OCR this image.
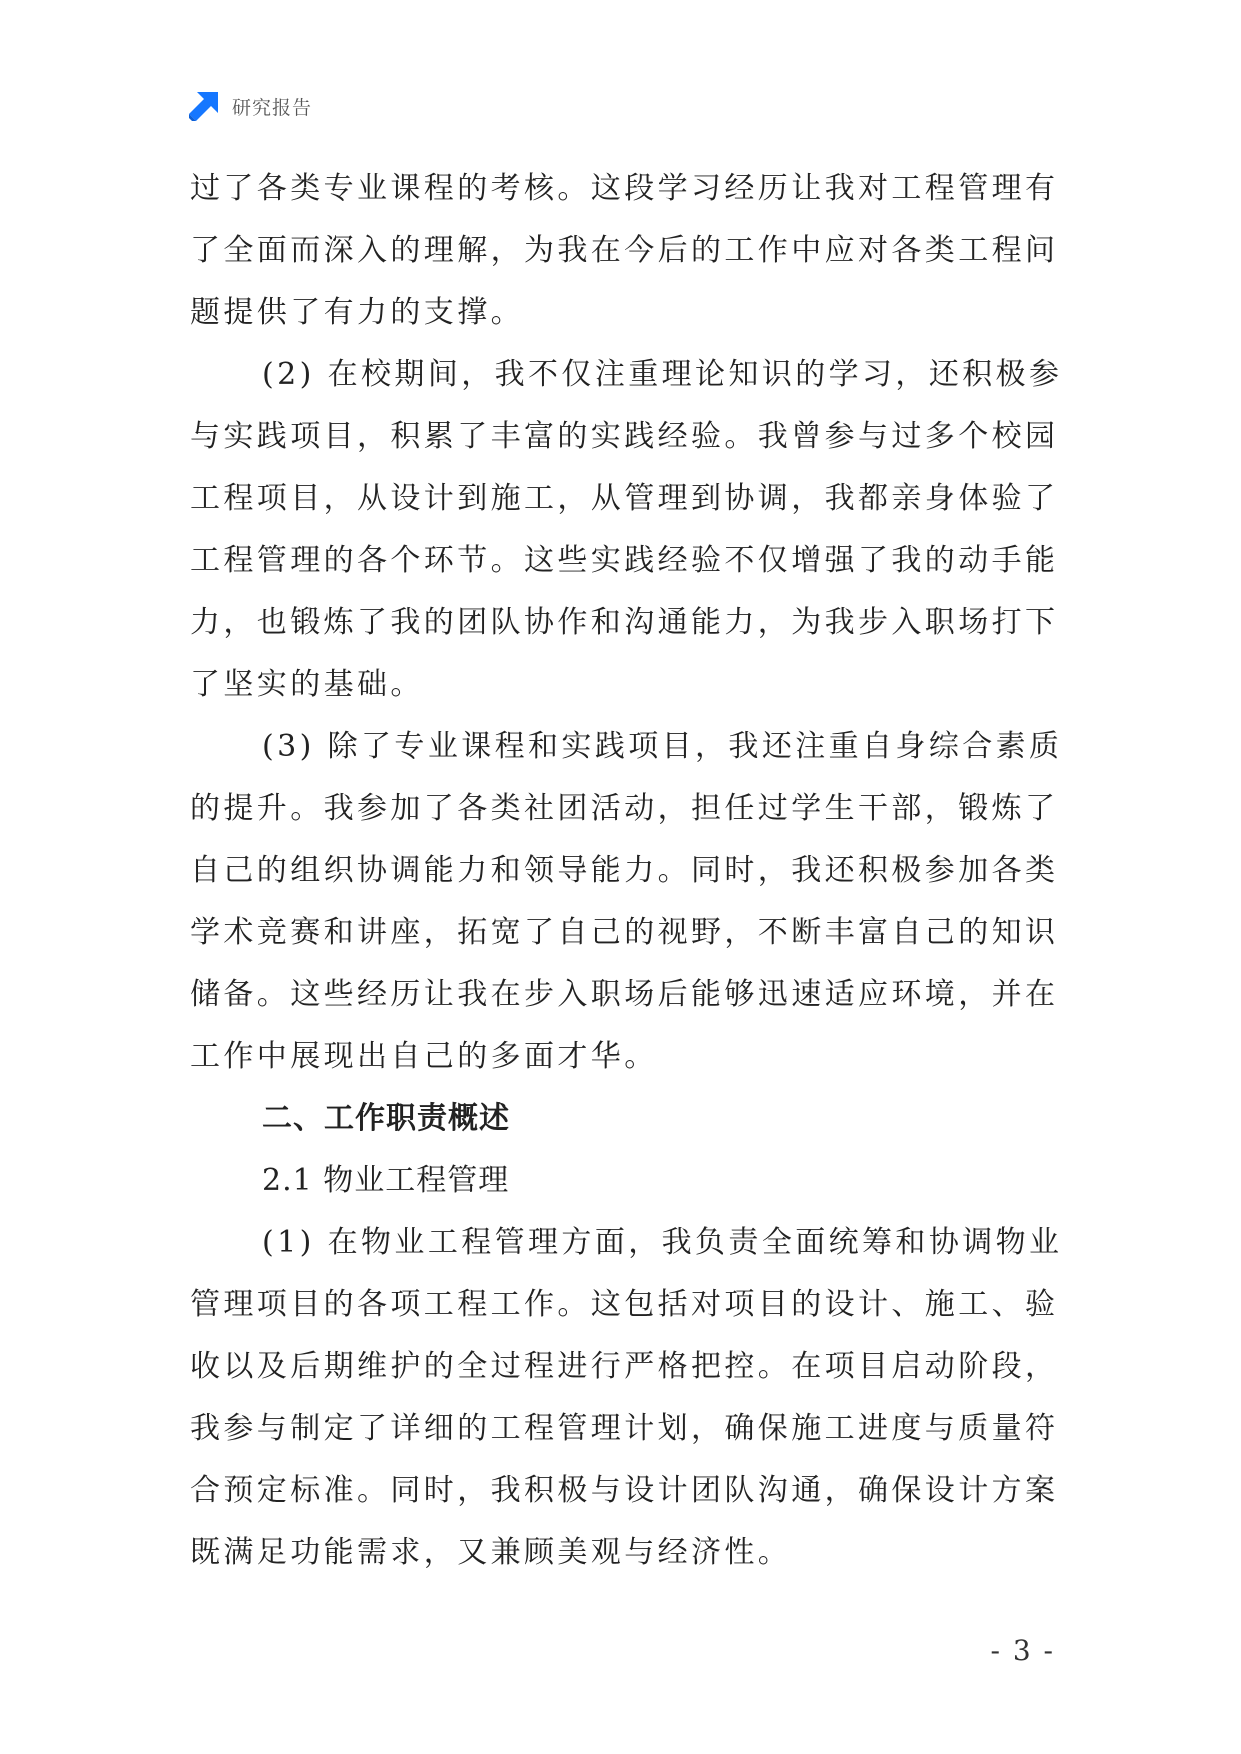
研究报告
过了各类专业课程的考核。这段学习经历让我对工程管理有
了全面而深入的理解，为我在今后的工作中应对各类工程问
题提供了有力的支撑。
(2) 在校期间，我不仅注重理论知识的学习，还积极参
与实践项目，积累了丰富的实践经验。我曾参与过多个校园
工程项目，从设计到施工，从管理到协调，我都亲身体验了
工程管理的各个环节。这些实践经验不仅增强了我的动手能
力，也锻炼了我的团队协作和沟通能力，为我步入职场打下
了坚实的基础。
(3) 除了专业课程和实践项目，我还注重自身综合素质
的提升。我参加了各类社团活动，担任过学生干部，锻炼了
自己的组织协调能力和领导能力。同时，我还积极参加各类
学术竞赛和讲座，拓宽了自己的视野，不断丰富自己的知识
储备。这些经历让我在步入职场后能够迅速适应环境，并在
工作中展现出自己的多面才华。
二、工作职责概述
2.1 物业工程管理
(1) 在物业工程管理方面，我负责全面统筹和协调物业
管理项目的各项工程工作。这包括对项目的设计、施工、验
收以及后期维护的全过程进行严格把控。在项目启动阶段，
我参与制定了详细的工程管理计划，确保施工进度与质量符
合预定标准。同时，我积极与设计团队沟通，确保设计方案
既满足功能需求，又兼顾美观与经济性。
- 3 -
